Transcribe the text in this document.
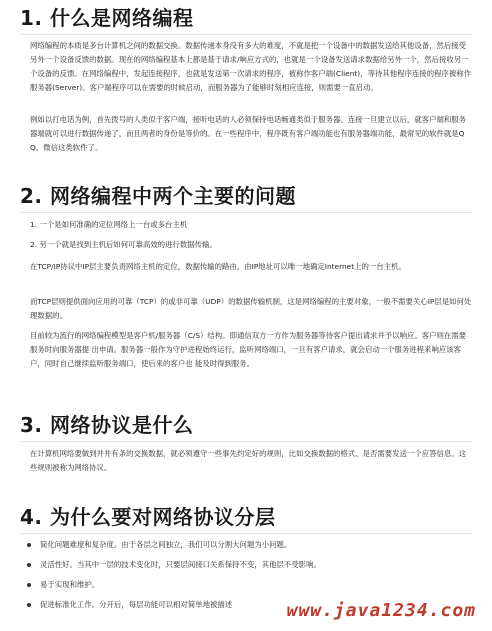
1. 什么是网络编程

网络编程的本质是多台计算机之间的数据交换。数据传递本身没有多大的难度，不就是把一个设备中的数据发送给其他设备，然后接受另外一个设备反馈的数据。现在的网络编程基本上都是基于请求/响应方式的，也就是一个设备发送请求数据给另外一个，然后接收另一个设备的反馈。在网络编程中，发起连接程序，也就是发送第一次请求的程序，被称作客户端(Client)，等待其他程序连接的程序被称作服务器(Server)。客户端程序可以在需要的时候启动，而服务器为了能够时刻相应连接，则需要一直启动。

例如以打电话为例，首先拨号的人类似于客户端，接听电话的人必须保持电话畅通类似于服务器。连接一旦建立以后，就客户端和服务器端就可以进行数据传递了，而且两者的身份是等价的。在一些程序中，程序既有客户端功能也有服务器端功能，最常见的软件就是QQ、微信这类软件了。

2. 网络编程中两个主要的问题

1. 一个是如何准确的定位网络上一台或多台主机

2. 另一个就是找到主机后如何可靠高效的进行数据传输。

在TCP/IP协议中IP层主要负责网络主机的定位，数据传输的路由，由IP地址可以唯一地确定Internet上的一台主机。

而TCP层则提供面向应用的可靠（TCP）的或非可靠（UDP）的数据传输机制，这是网络编程的主要对象，一般不需要关心IP层是如何处理数据的。

目前较为流行的网络编程模型是客户机/服务器（C/S）结构。即通信双方一方作为服务器等待客户提出请求并予以响应。客户则在需要服务时向服务器提 出申请。服务器一般作为守护进程始终运行，监听网络端口，一旦有客户请求，就会启动一个服务进程来响应该客户，同时自己继续监听服务端口，使后来的客户也 能及时得到服务。

3. 网络协议是什么

在计算机网络要做到井井有条的交换数据，就必须遵守一些事先约定好的规则，比如交换数据的格式、是否需要发送一个应答信息。这些规则被称为网络协议。

4. 为什么要对网络协议分层
简化问题难度和复杂度。由于各层之间独立，我们可以分割大问题为小问题。
灵活性好。当其中一层的技术变化时，只要层间接口关系保持不变，其他层不受影响。
易于实现和维护。
促进标准化工作。分开后，每层功能可以相对简单地被描述	www.java1234.com
